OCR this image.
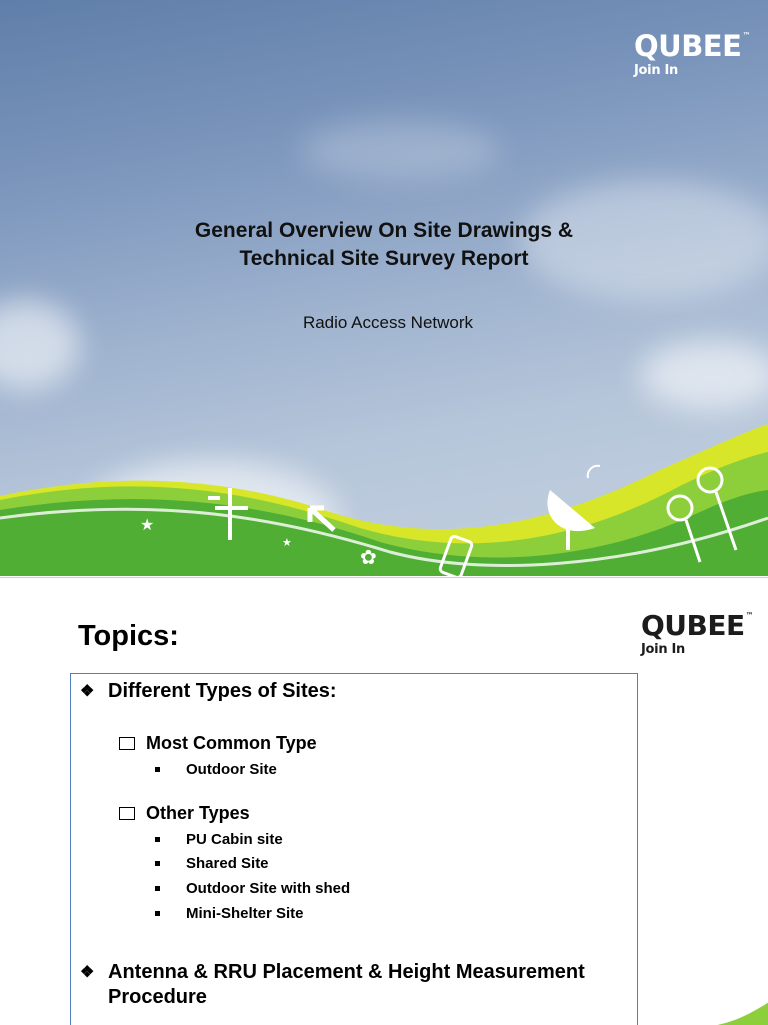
QUBEE™
Join In
General Overview On Site Drawings &
Technical Site Survey Report
Radio Access Network
★
★
✿
Topics:	QUBEE™
Join In
❖ Different Types of Sites:
Most Common Type
Outdoor Site
Other Types
PU Cabin site
Shared Site
Outdoor Site with shed
Mini-Shelter Site
❖ Antenna & RRU Placement & Height Measurement
Procedure
